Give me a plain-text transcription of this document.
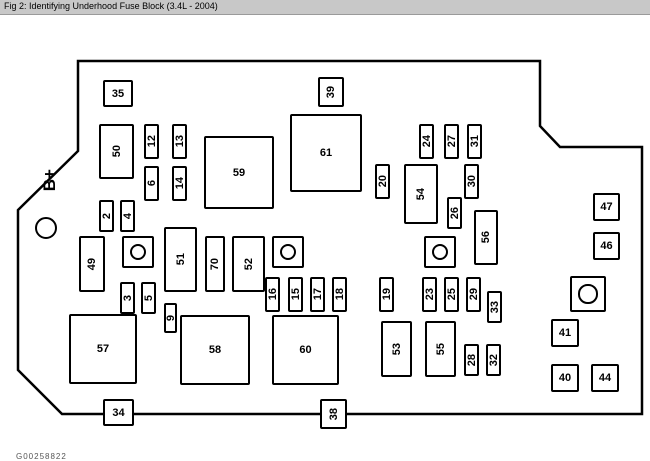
Fig 2: Identifying Underhood Fuse Block (3.4L - 2004)
B+
9
35	39
50
12 13
59
61
24 27 31
6 14	20
54
30
2 4	26	47
56
46
49	51 70 52
3 5	16 15 17 18	19	23 25 29
33
57	58	60	53	55
28 32
41
40	44
34	38
G00258822
